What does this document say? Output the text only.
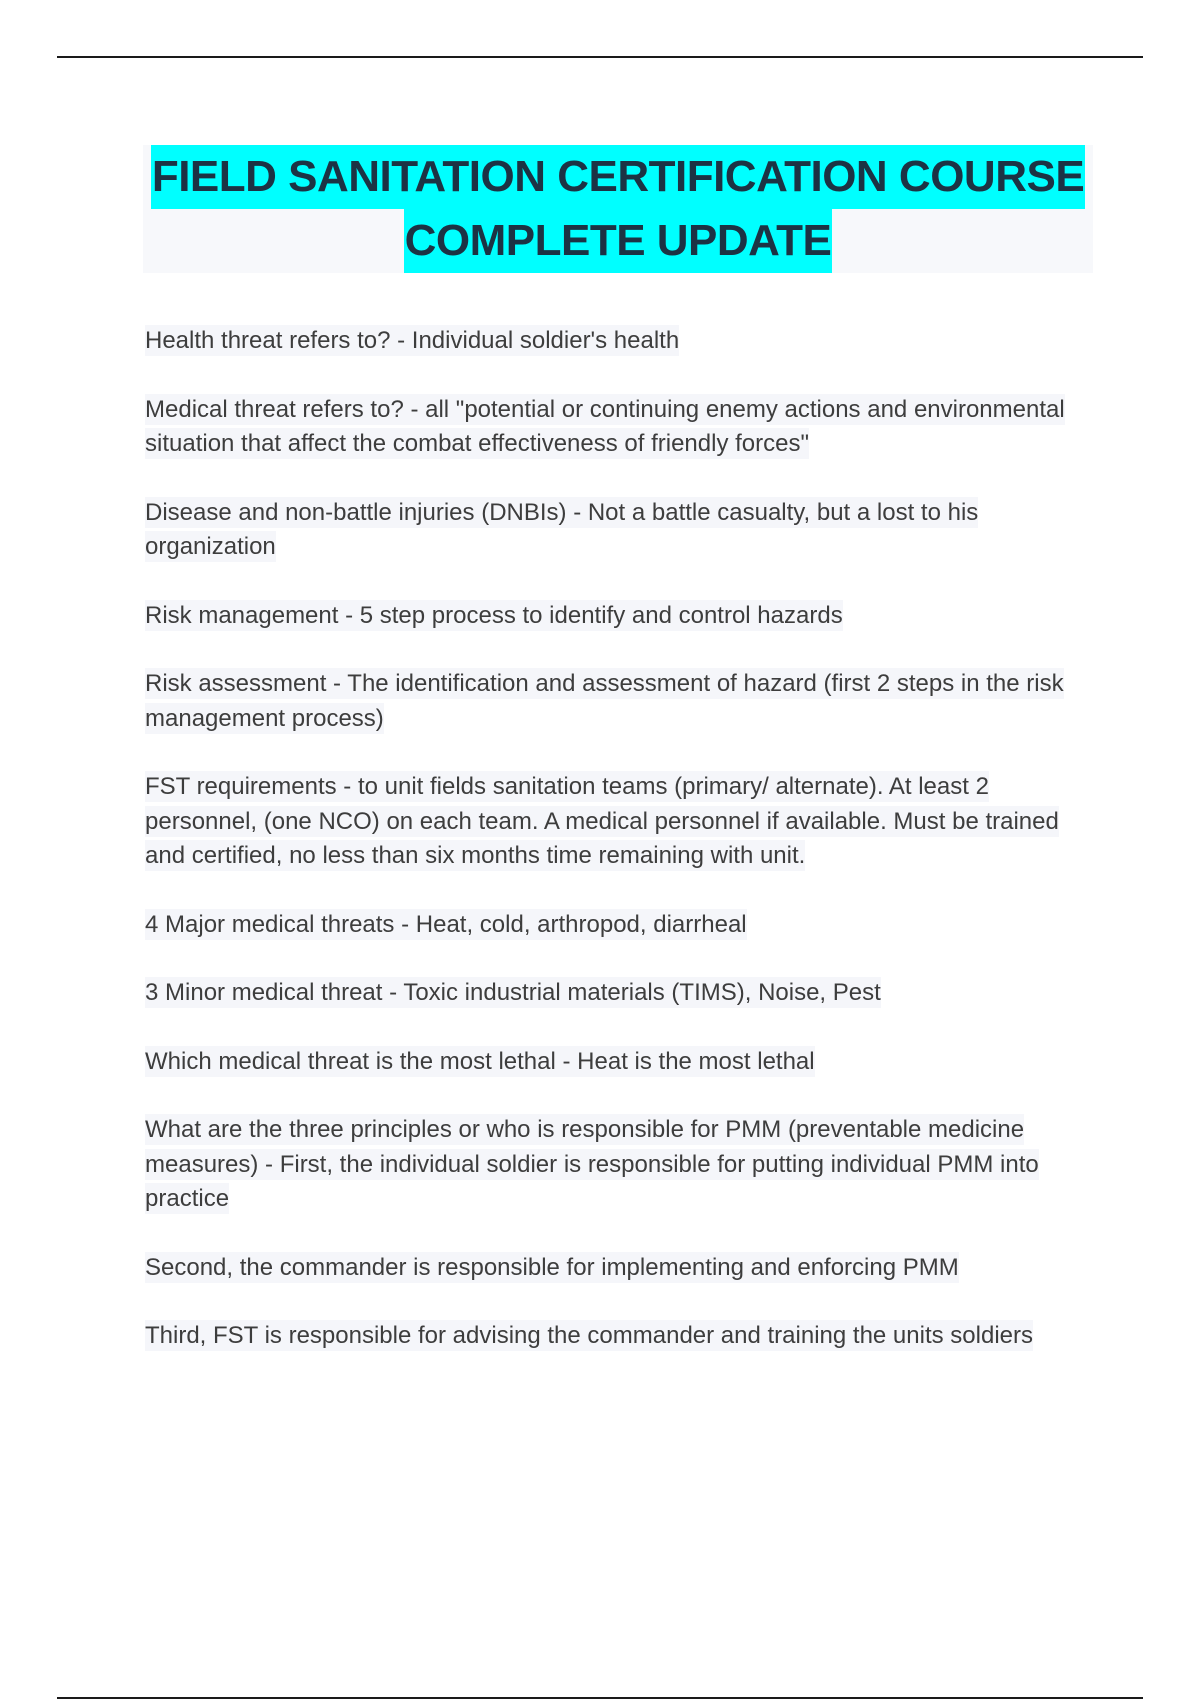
FIELD SANITATION CERTIFICATION COURSE
COMPLETE UPDATE

Health threat refers to? - Individual soldier's health

Medical threat refers to? - all "potential or continuing enemy actions and environmental situation that affect the combat effectiveness of friendly forces"

Disease and non-battle injuries (DNBIs) - Not a battle casualty, but a lost to his organization

Risk management - 5 step process to identify and control hazards

Risk assessment - The identification and assessment of hazard (first 2 steps in the risk management process)

FST requirements - to unit fields sanitation teams (primary/ alternate). At least 2 personnel, (one NCO) on each team. A medical personnel if available. Must be trained and certified, no less than six months time remaining with unit.

4 Major medical threats - Heat, cold, arthropod, diarrheal

3 Minor medical threat - Toxic industrial materials (TIMS), Noise, Pest

Which medical threat is the most lethal - Heat is the most lethal

What are the three principles or who is responsible for PMM (preventable medicine measures) - First, the individual soldier is responsible for putting individual PMM into practice

Second, the commander is responsible for implementing and enforcing PMM

Third, FST is responsible for advising the commander and training the units soldiers
